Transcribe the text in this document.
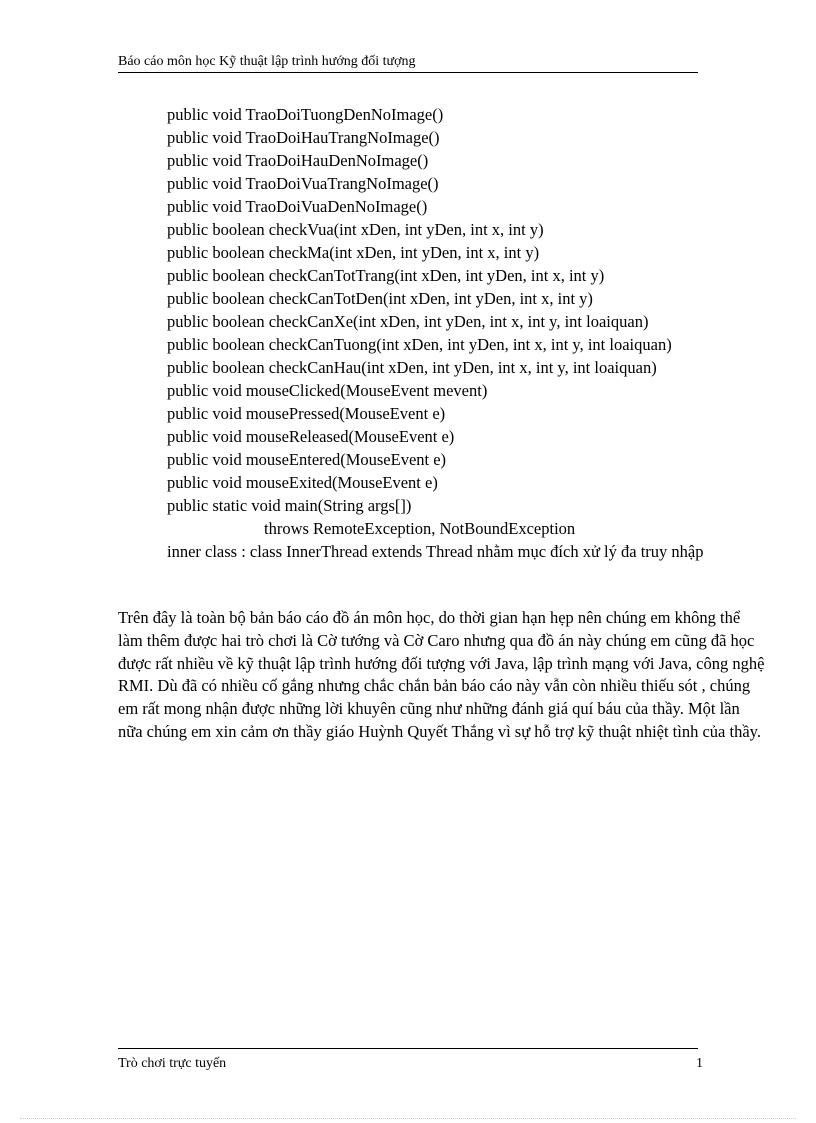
Báo cáo môn học Kỹ thuật lập trình hướng đối tượng
public void TraoDoiTuongDenNoImage()
public void TraoDoiHauTrangNoImage()
public void TraoDoiHauDenNoImage()
public void TraoDoiVuaTrangNoImage()
public void TraoDoiVuaDenNoImage()
public boolean checkVua(int xDen, int yDen, int x, int y)
public boolean checkMa(int xDen, int yDen, int x, int y)
public boolean checkCanTotTrang(int xDen, int yDen, int x, int y)
public boolean checkCanTotDen(int xDen, int yDen, int x, int y)
public boolean checkCanXe(int xDen, int yDen, int x, int y, int loaiquan)
public boolean checkCanTuong(int xDen, int yDen, int x, int y, int loaiquan)
public boolean checkCanHau(int xDen, int yDen, int x, int y, int loaiquan)
public void mouseClicked(MouseEvent mevent)
public void mousePressed(MouseEvent e)
public void mouseReleased(MouseEvent e)
public void mouseEntered(MouseEvent e)
public void mouseExited(MouseEvent e)
public static void main(String args[])
throws RemoteException, NotBoundException
inner class : class InnerThread extends Thread nhằm mục đích xử lý đa truy nhập

Trên đây là toàn bộ bản báo cáo đồ án môn học, do thời gian hạn hẹp nên chúng em không thể làm thêm được hai trò chơi là Cờ tướng và Cờ Caro nhưng qua đồ án này chúng em cũng đã học được rất nhiều về kỹ thuật lập trình hướng đối tượng với Java, lập trình mạng với Java, công nghệ RMI. Dù đã có nhiều cố gắng nhưng chắc chắn bản báo cáo này vẫn còn nhiều thiếu sót , chúng em rất mong nhận được những lời khuyên cũng như những đánh giá quí báu của thầy. Một lần nữa chúng em xin cảm ơn thầy giáo Huỳnh Quyết Thắng vì sự hỗ trợ kỹ thuật nhiệt tình của thầy.

Trò chơi trực tuyến	1
